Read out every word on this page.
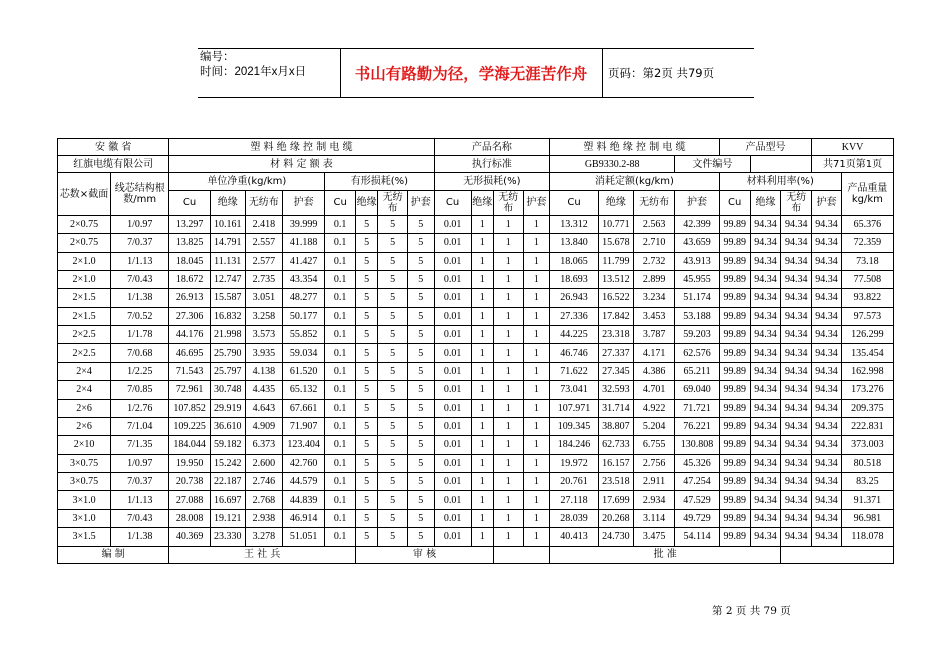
编号：
时间：2021年x月x日	书山有路勤为径，学海无涯苦作舟	页码：第2页 共79页
安 徽 省		塑 料 绝 缘 控 制 电 缆								产品名称				塑 料 绝 缘 控 制 电 缆				产品型号			KVV	
红旗电缆有限公司		材 料 定 额 表								执行标准				GB9330.2-88			文件编号				共71页第1页	
芯数×截面	线芯结构根数/mm	单位净重(kg/km)				有形损耗(%)				无形损耗(%)				消耗定额(kg/km)				材料利用率(%)				产品重量kg/km
		Cu	绝缘	无纺布	护套	Cu	绝缘	无纺布	护套	Cu	绝缘	无纺布	护套	Cu	绝缘	无纺布	护套	Cu	绝缘	无纺布	护套	
2×0.75	1/0.97	13.297	10.161	2.418	39.999	0.1	5	5	5	0.01	1	1	1	13.312	10.771	2.563	42.399	99.89	94.34	94.34	94.34	65.376
2×0.75	7/0.37	13.825	14.791	2.557	41.188	0.1	5	5	5	0.01	1	1	1	13.840	15.678	2.710	43.659	99.89	94.34	94.34	94.34	72.359
2×1.0	1/1.13	18.045	11.131	2.577	41.427	0.1	5	5	5	0.01	1	1	1	18.065	11.799	2.732	43.913	99.89	94.34	94.34	94.34	73.18
2×1.0	7/0.43	18.672	12.747	2.735	43.354	0.1	5	5	5	0.01	1	1	1	18.693	13.512	2.899	45.955	99.89	94.34	94.34	94.34	77.508
2×1.5	1/1.38	26.913	15.587	3.051	48.277	0.1	5	5	5	0.01	1	1	1	26.943	16.522	3.234	51.174	99.89	94.34	94.34	94.34	93.822
2×1.5	7/0.52	27.306	16.832	3.258	50.177	0.1	5	5	5	0.01	1	1	1	27.336	17.842	3.453	53.188	99.89	94.34	94.34	94.34	97.573
2×2.5	1/1.78	44.176	21.998	3.573	55.852	0.1	5	5	5	0.01	1	1	1	44.225	23.318	3.787	59.203	99.89	94.34	94.34	94.34	126.299
2×2.5	7/0.68	46.695	25.790	3.935	59.034	0.1	5	5	5	0.01	1	1	1	46.746	27.337	4.171	62.576	99.89	94.34	94.34	94.34	135.454
2×4	1/2.25	71.543	25.797	4.138	61.520	0.1	5	5	5	0.01	1	1	1	71.622	27.345	4.386	65.211	99.89	94.34	94.34	94.34	162.998
2×4	7/0.85	72.961	30.748	4.435	65.132	0.1	5	5	5	0.01	1	1	1	73.041	32.593	4.701	69.040	99.89	94.34	94.34	94.34	173.276
2×6	1/2.76	107.852	29.919	4.643	67.661	0.1	5	5	5	0.01	1	1	1	107.971	31.714	4.922	71.721	99.89	94.34	94.34	94.34	209.375
2×6	7/1.04	109.225	36.610	4.909	71.907	0.1	5	5	5	0.01	1	1	1	109.345	38.807	5.204	76.221	99.89	94.34	94.34	94.34	222.831
2×10	7/1.35	184.044	59.182	6.373	123.404	0.1	5	5	5	0.01	1	1	1	184.246	62.733	6.755	130.808	99.89	94.34	94.34	94.34	373.003
3×0.75	1/0.97	19.950	15.242	2.600	42.760	0.1	5	5	5	0.01	1	1	1	19.972	16.157	2.756	45.326	99.89	94.34	94.34	94.34	80.518
3×0.75	7/0.37	20.738	22.187	2.746	44.579	0.1	5	5	5	0.01	1	1	1	20.761	23.518	2.911	47.254	99.89	94.34	94.34	94.34	83.25
3×1.0	1/1.13	27.088	16.697	2.768	44.839	0.1	5	5	5	0.01	1	1	1	27.118	17.699	2.934	47.529	99.89	94.34	94.34	94.34	91.371
3×1.0	7/0.43	28.008	19.121	2.938	46.914	0.1	5	5	5	0.01	1	1	1	28.039	20.268	3.114	49.729	99.89	94.34	94.34	94.34	96.981
3×1.5	1/1.38	40.369	23.330	3.278	51.051	0.1	5	5	5	0.01	1	1	1	40.413	24.730	3.475	54.114	99.89	94.34	94.34	94.34	118.078
编 制		王 社 兵					审 核							批 准								
第 2 页 共 79 页
